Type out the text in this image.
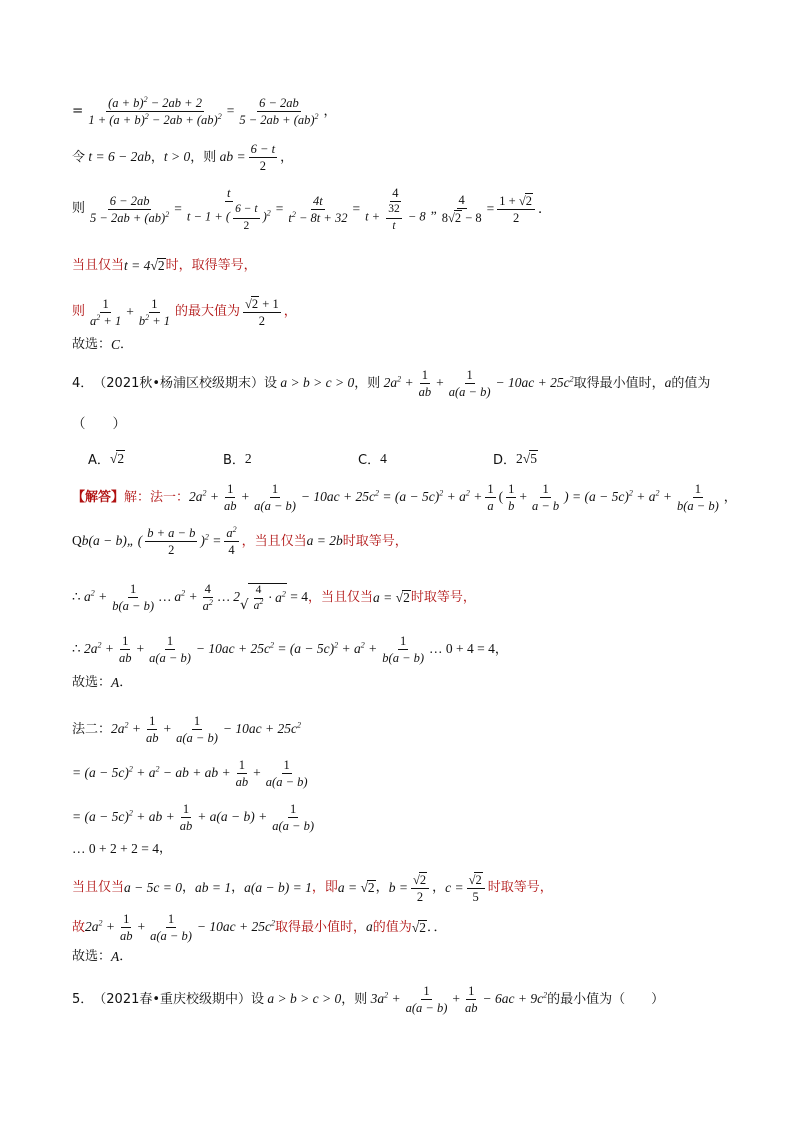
= $\frac{(a + b)^2 - 2ab + 2}{1 + (a + b)^2 - 2ab + (ab)^2} = \frac{6 - 2ab}{5 - 2ab + (ab)^2}$ ，
令 t = 6 − 2ab ， t > 0 ，则 ab = $\frac{6 - t}{2}$ ，
则 $\frac{6 - 2ab}{5 - 2ab + (ab)^2} = \frac{t}{t - 1 + ( \frac{6 - t}{2} )^2} = \frac{4t}{t^2 - 8t + 32} = \frac{4}{t + \frac{32}{t} - 8}$ „ $\frac{4}{8√ 2 - 8} = \frac{1 + √ 2}{2}$ ．
当且仅当 t = 4√ 2 时，取得等号，
则 $\frac{1}{a^2 + 1} + \frac{1}{b^2 + 1}$ 的最大值为 $\frac{√ 2 + 1}{2}$ ，
故选： C ．
4． （2021秋•杨浦区校级期末）设 a > b > c > 0 ，则 $2a^2 + \frac{1}{ab} + \frac{1}{a(a - b)} - 10ac + 25c^2$ 取得最小值时， a 的值为
（　　）
A． √ 2	B． 2	C． 4	D． 2√ 5
【解答】 解：法一： $2a^2 + \frac{1}{ab} + \frac{1}{a(a - b)} - 10ac + 25c^2 = (a - 5c)^2 + a^2 + \frac{1}{a}$ ( $\frac{1}{b} + \frac{1}{a - b}$ ) = $(a - 5c)^2 + a^2 + \frac{1}{b(a - b)}$ ，
Q b(a − b)„ ( $\frac{b + a - b}{2} )^2 = \frac{a^2}{4}$ ，当且仅当 a = 2b 时取等号，
∴ $a^2 + \frac{1}{b(a - b)}$ … $a^2 + \frac{4}{a^2}$ … 2
√ $\frac{4}{a^2} \cdot a^2 = 4$ ，当且仅当 a = √ 2 时取等号，
∴ $2a^2 + \frac{1}{ab} + \frac{1}{a(a - b)} - 10ac + 25c^2 = (a - 5c)^2 + a^2 + \frac{1}{b(a - b)}$ … 0 + 4 = 4 ，
故选： A ．
法二： $2a^2 + \frac{1}{ab} + \frac{1}{a(a - b)} - 10ac + 25c^2$
= $(a - 5c)^2 + a^2$ − ab + ab + $\frac{1}{ab} + \frac{1}{a(a - b)}$
= $(a - 5c)^2$ + ab + $\frac{1}{ab} + a(a - b) + \frac{1}{a(a - b)}$
… 0 + 2 + 2 = 4 ，
当且仅当 a − 5c = 0 ， ab = 1 ， a(a − b) = 1 ，即 a = √ 2 ， $b = \frac{√ 2}{2}$ ， $c = \frac{√ 2}{5}$ 时取等号，
故 $2a^2 + \frac{1}{ab} + \frac{1}{a(a - b)} - 10ac + 25c^2$ 取得最小值时， a 的值为 √ 2 ．．
故选： A ．
5． （2021春•重庆校级期中）设 a > b > c > 0 ，则 $3a^2 + \frac{1}{a(a - b)} + \frac{1}{ab} - 6ac + 9c^2$ 的最小值为（　　）
